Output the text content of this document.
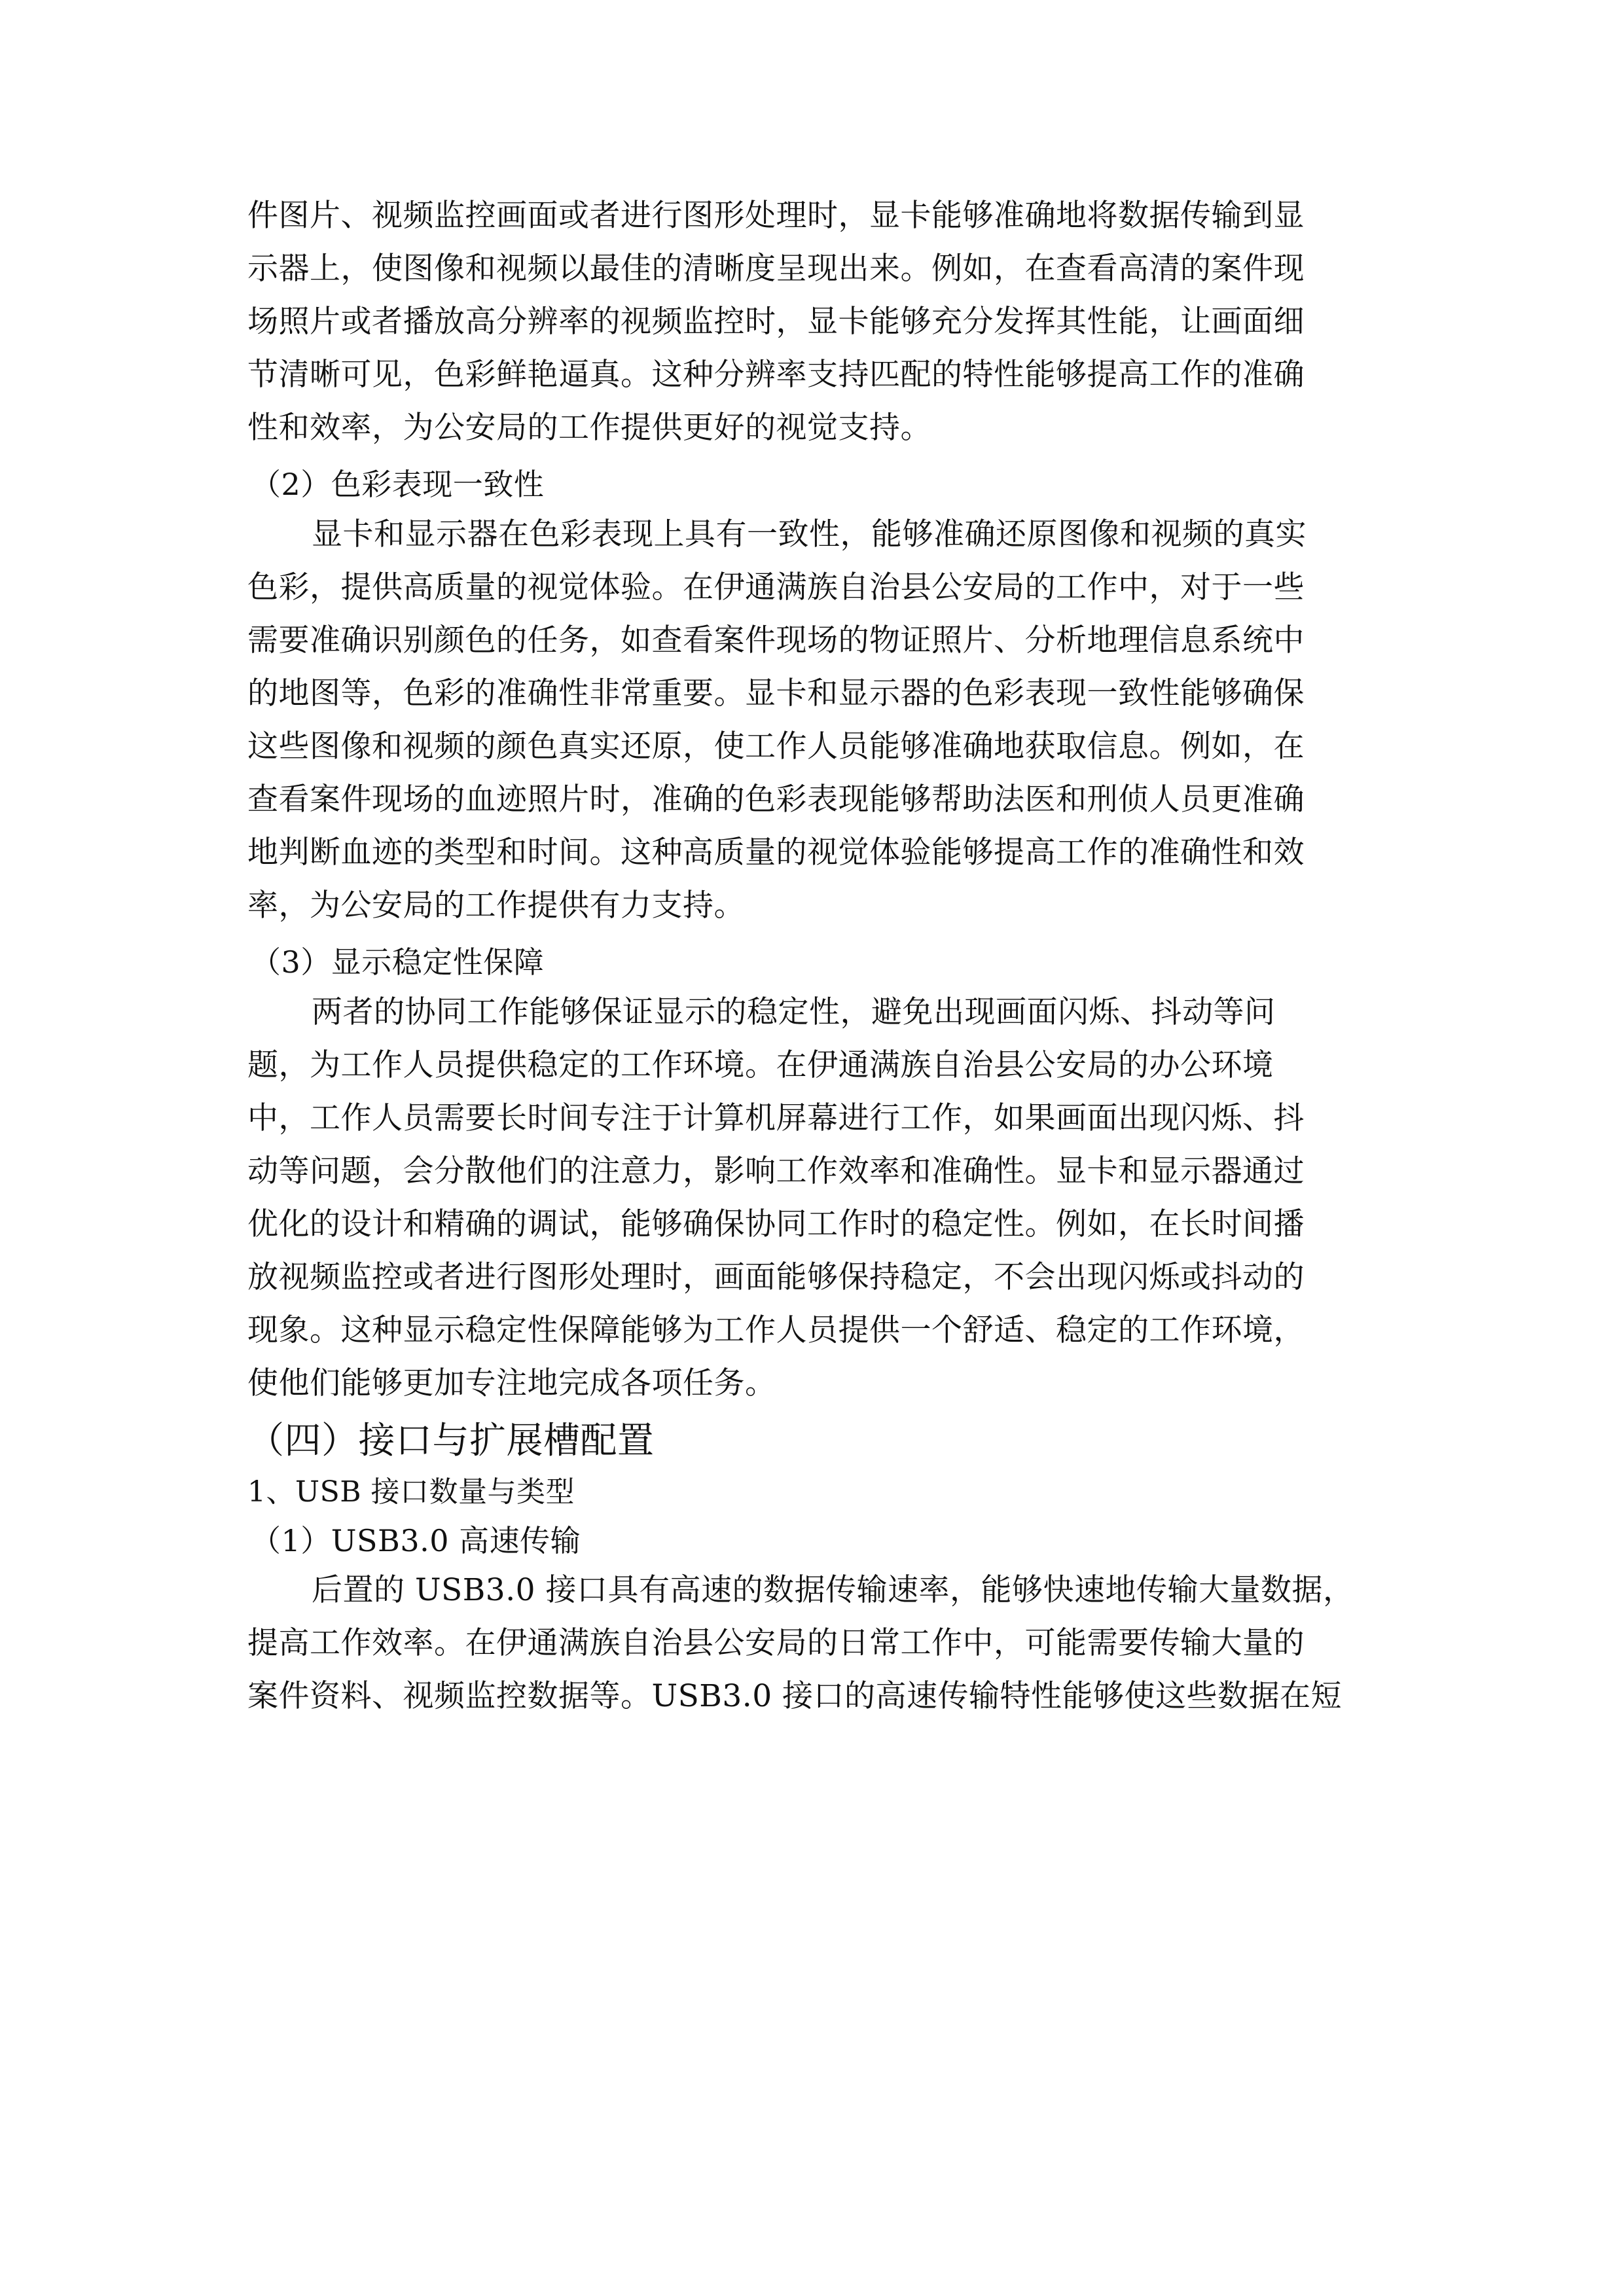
件图片、视频监控画面或者进行图形处理时，显卡能够准确地将数据传输到显
示器上，使图像和视频以最佳的清晰度呈现出来。例如，在查看高清的案件现
场照片或者播放高分辨率的视频监控时，显卡能够充分发挥其性能，让画面细
节清晰可见，色彩鲜艳逼真。这种分辨率支持匹配的特性能够提高工作的准确
性和效率，为公安局的工作提供更好的视觉支持。
（2）色彩表现一致性
显卡和显示器在色彩表现上具有一致性，能够准确还原图像和视频的真实
色彩，提供高质量的视觉体验。在伊通满族自治县公安局的工作中，对于一些
需要准确识别颜色的任务，如查看案件现场的物证照片、分析地理信息系统中
的地图等，色彩的准确性非常重要。显卡和显示器的色彩表现一致性能够确保
这些图像和视频的颜色真实还原，使工作人员能够准确地获取信息。例如，在
查看案件现场的血迹照片时，准确的色彩表现能够帮助法医和刑侦人员更准确
地判断血迹的类型和时间。这种高质量的视觉体验能够提高工作的准确性和效
率，为公安局的工作提供有力支持。
（3）显示稳定性保障
两者的协同工作能够保证显示的稳定性，避免出现画面闪烁、抖动等问
题，为工作人员提供稳定的工作环境。在伊通满族自治县公安局的办公环境
中，工作人员需要长时间专注于计算机屏幕进行工作，如果画面出现闪烁、抖
动等问题，会分散他们的注意力，影响工作效率和准确性。显卡和显示器通过
优化的设计和精确的调试，能够确保协同工作时的稳定性。例如，在长时间播
放视频监控或者进行图形处理时，画面能够保持稳定，不会出现闪烁或抖动的
现象。这种显示稳定性保障能够为工作人员提供一个舒适、稳定的工作环境，
使他们能够更加专注地完成各项任务。
（四）接口与扩展槽配置
1、USB 接口数量与类型
（1）USB3.0 高速传输
后置的 USB3.0 接口具有高速的数据传输速率，能够快速地传输大量数据，
提高工作效率。在伊通满族自治县公安局的日常工作中，可能需要传输大量的
案件资料、视频监控数据等。USB3.0 接口的高速传输特性能够使这些数据在短
